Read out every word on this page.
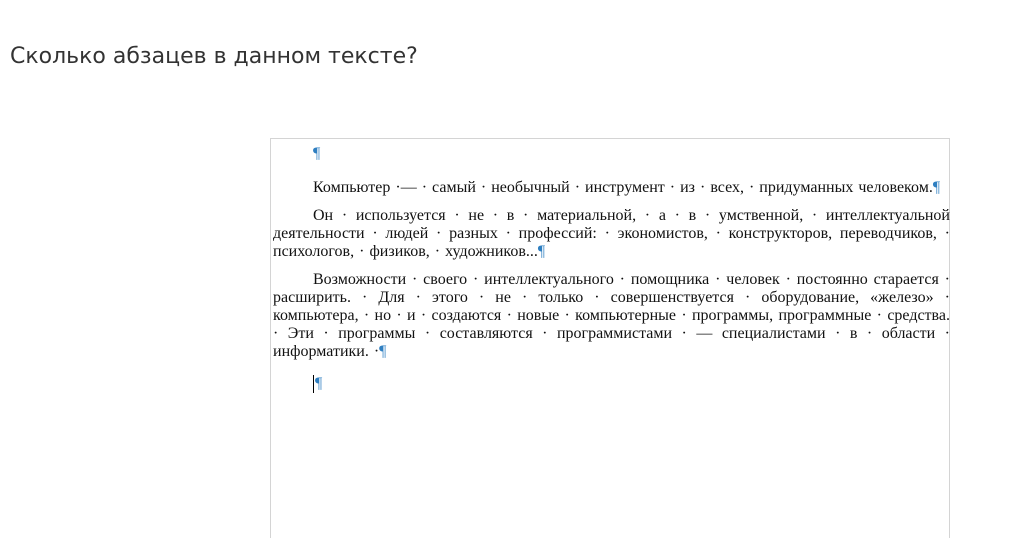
Сколько абзацев в данном тексте?

¶

Компьютер ·— · самый · необычный · инструмент · из · всех, · придуманных человеком.¶

Он · используется · не · в · материальной, · а · в · умственной, · интеллектуальной деятельности · людей · разных · профессий: · экономистов, · конструкторов, переводчиков, · психологов, · физиков, · художников...¶

Возможности · своего · интеллектуального · помощника · человек · постоянно старается · расширить. · Для · этого · не · только · совершенствуется · оборудование, «железо» · компьютера, · но · и · создаются · новые · компьютерные · программы, программные · средства. · Эти · программы · составляются · программистами · — специалистами · в · области · информатики. ·¶

¶
